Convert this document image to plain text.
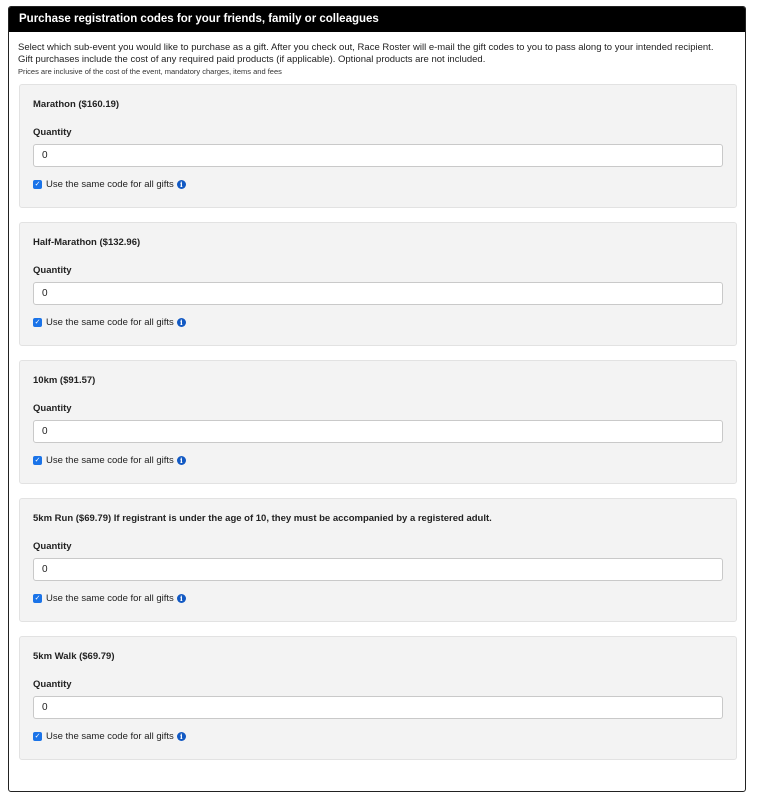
Purchase registration codes for your friends, family or colleagues

Select which sub-event you would like to purchase as a gift. After you check out, Race Roster will e-mail the gift codes to you to pass along to your intended recipient.

Gift purchases include the cost of any required paid products (if applicable). Optional products are not included.

Prices are inclusive of the cost of the event, mandatory charges, items and fees

Marathon ($160.19)
Quantity
0
✓ Use the same code for all gifts i
Half-Marathon ($132.96)
Quantity
0
✓ Use the same code for all gifts i
10km ($91.57)
Quantity
0
✓ Use the same code for all gifts i
5km Run ($69.79) If registrant is under the age of 10, they must be accompanied by a registered adult.
Quantity
0
✓ Use the same code for all gifts i
5km Walk ($69.79)
Quantity
0
✓ Use the same code for all gifts i
